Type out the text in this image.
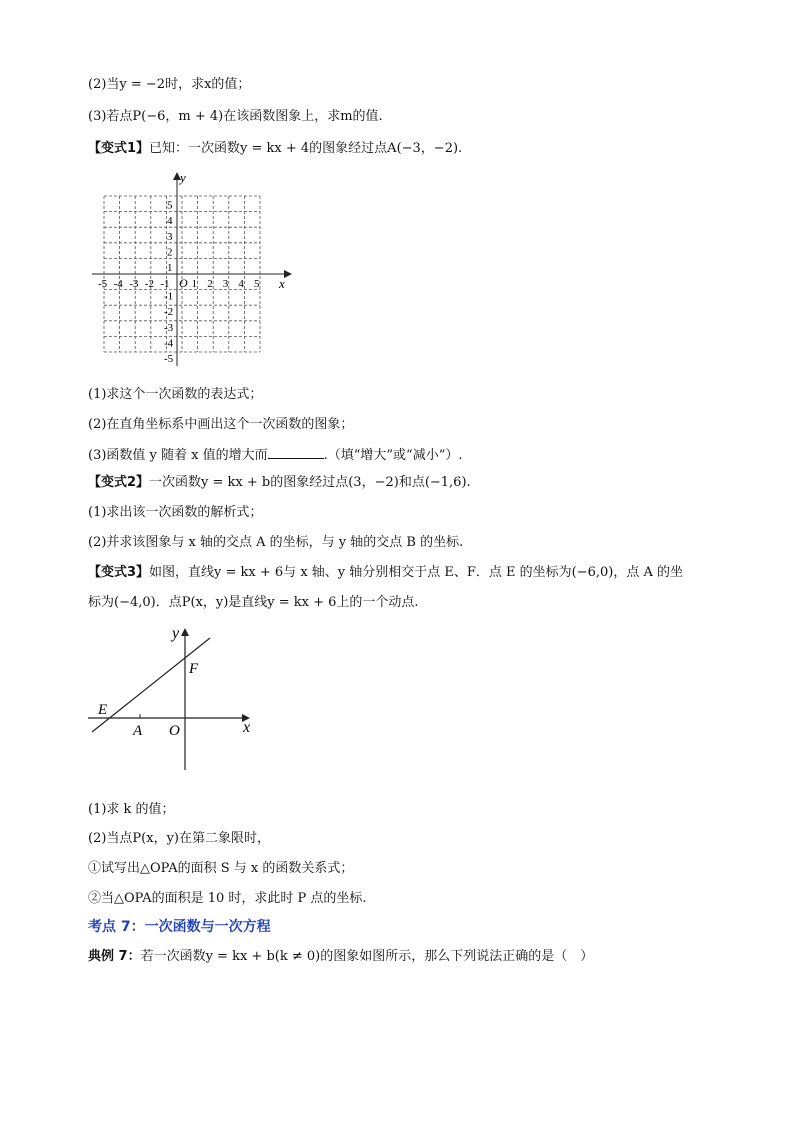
(2)当y = −2时，求x的值；
(3)若点P(−6，m + 4)在该函数图象上，求m的值.
【变式1】已知：一次函数y = kx + 4的图象经过点A(−3，−2).
-5 -4 -3 -2 -1 1 2 3 4 5
5
4
3
2
1
-1
-2
-3
-4
-5
x
y
O
(1)求这个一次函数的表达式；
(2)在直角坐标系中画出这个一次函数的图象；
(3)函数值 y 随着 x 值的增大而	.（填“增大”或“减小”）.
【变式2】一次函数y = kx + b的图象经过点(3，−2)和点(−1,6).
(1)求出该一次函数的解析式；
(2)并求该图象与 x 轴的交点 A 的坐标，与 y 轴的交点 B 的坐标.
【变式3】如图，直线y = kx + 6与 x 轴、y 轴分别相交于点 E、F．点 E 的坐标为(−6,0)，点 A 的坐
标为(−4,0)．点P(x，y)是直线y = kx + 6上的一个动点.
y
x
F
E
A O
(1)求 k 的值；
(2)当点P(x，y)在第二象限时，
①试写出△OPA的面积 S 与 x 的函数关系式；
②当△OPA的面积是 10 时，求此时 P 点的坐标.
考点 7：一次函数与一次方程
典例 7：若一次函数y = kx + b(k ≠ 0)的图象如图所示，那么下列说法正确的是（　）
